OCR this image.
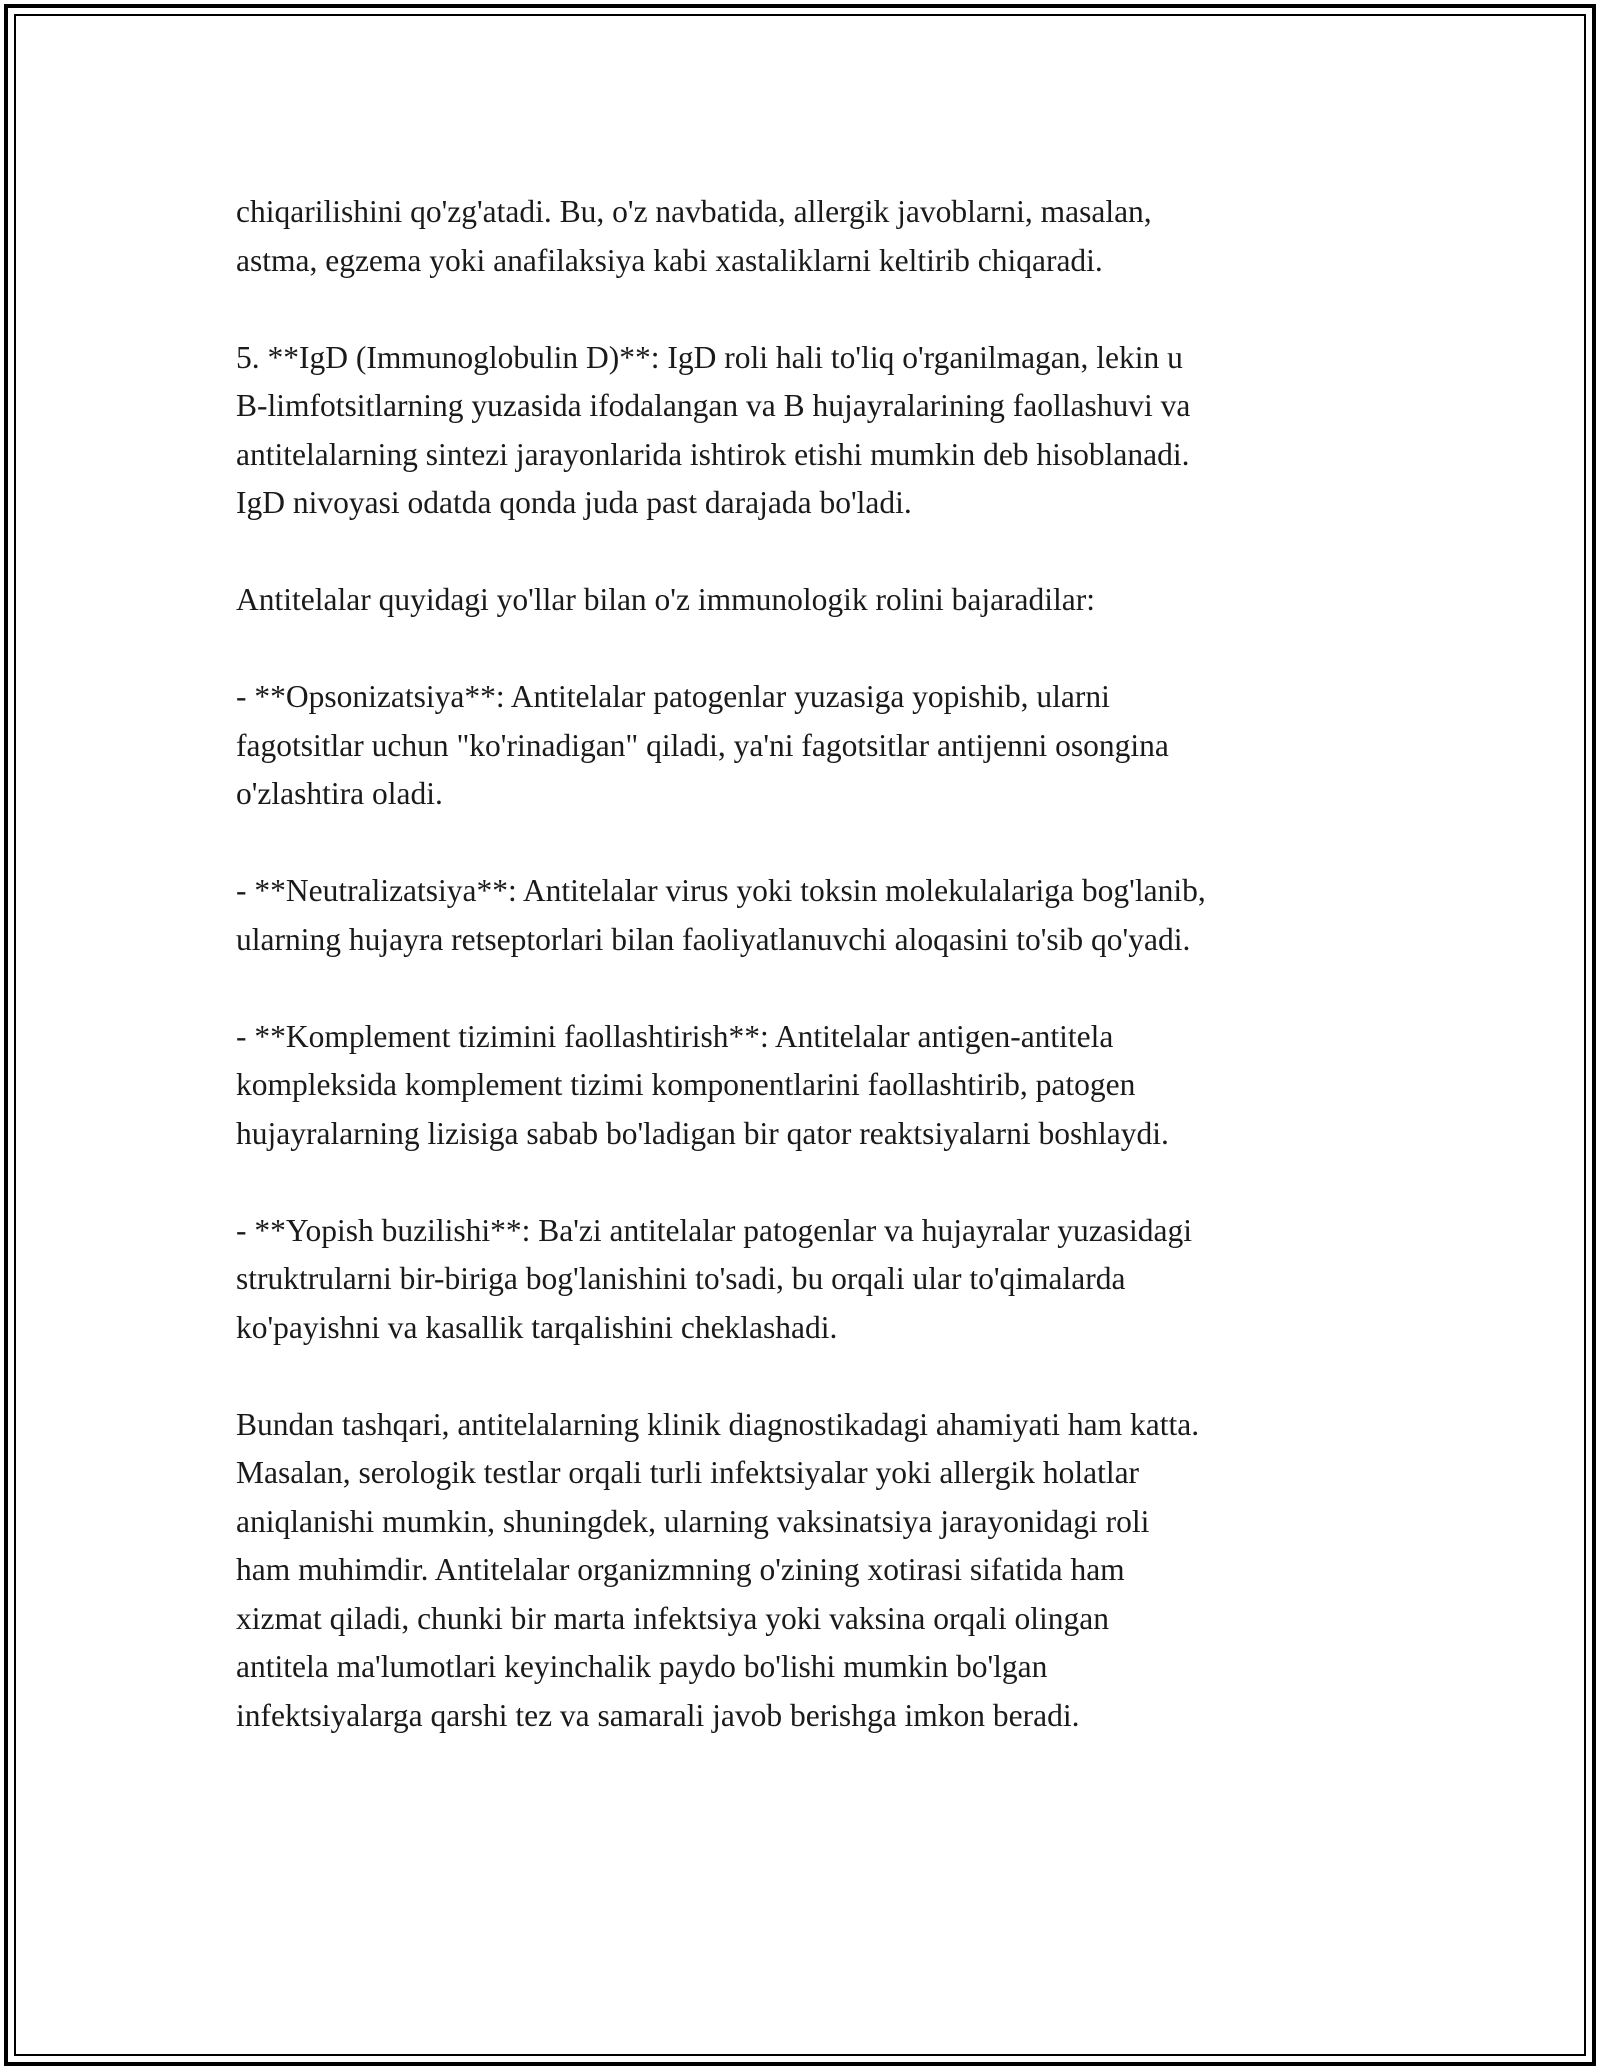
chiqarilishini qo'zg'atadi. Bu, o'z navbatida, allergik javoblarni, masalan,
astma, egzema yoki anafilaksiya kabi xastaliklarni keltirib chiqaradi.

5. **IgD (Immunoglobulin D)**: IgD roli hali to'liq o'rganilmagan, lekin u
B-limfotsitlarning yuzasida ifodalangan va B hujayralarining faollashuvi va
antitelalarning sintezi jarayonlarida ishtirok etishi mumkin deb hisoblanadi.
IgD nivoyasi odatda qonda juda past darajada bo'ladi.

Antitelalar quyidagi yo'llar bilan o'z immunologik rolini bajaradilar:

- **Opsonizatsiya**: Antitelalar patogenlar yuzasiga yopishib, ularni
fagotsitlar uchun "ko'rinadigan" qiladi, ya'ni fagotsitlar antijenni osongina
o'zlashtira oladi.

- **Neutralizatsiya**: Antitelalar virus yoki toksin molekulalariga bog'lanib,
ularning hujayra retseptorlari bilan faoliyatlanuvchi aloqasini to'sib qo'yadi.

- **Komplement tizimini faollashtirish**: Antitelalar antigen-antitela
kompleksida komplement tizimi komponentlarini faollashtirib, patogen
hujayralarning lizisiga sabab bo'ladigan bir qator reaktsiyalarni boshlaydi.

- **Yopish buzilishi**: Ba'zi antitelalar patogenlar va hujayralar yuzasidagi
struktrularni bir-biriga bog'lanishini to'sadi, bu orqali ular to'qimalarda
ko'payishni va kasallik tarqalishini cheklashadi.

Bundan tashqari, antitelalarning klinik diagnostikadagi ahamiyati ham katta.
Masalan, serologik testlar orqali turli infektsiyalar yoki allergik holatlar
aniqlanishi mumkin, shuningdek, ularning vaksinatsiya jarayonidagi roli
ham muhimdir. Antitelalar organizmning o'zining xotirasi sifatida ham
xizmat qiladi, chunki bir marta infektsiya yoki vaksina orqali olingan
antitela ma'lumotlari keyinchalik paydo bo'lishi mumkin bo'lgan
infektsiyalarga qarshi tez va samarali javob berishga imkon beradi.
